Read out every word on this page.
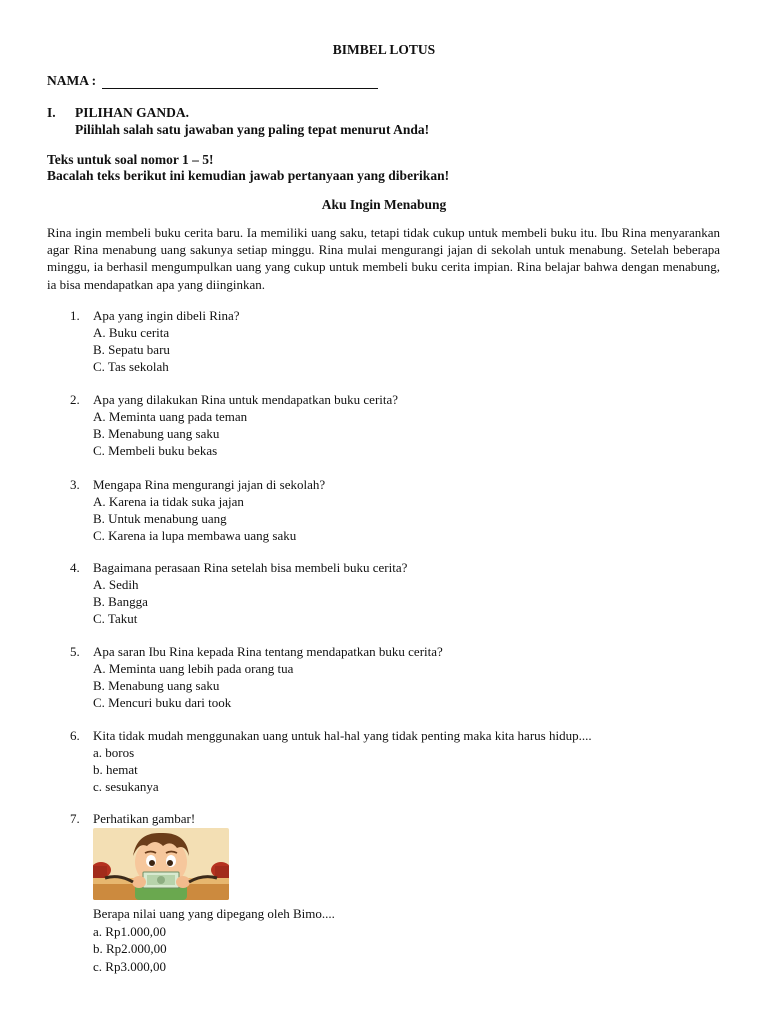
BIMBEL LOTUS
NAMA :
I. PILIHAN GANDA.
Pilihlah salah satu jawaban yang paling tepat menurut Anda!
Teks untuk soal nomor 1 – 5!
Bacalah teks berikut ini kemudian jawab pertanyaan yang diberikan!
Aku Ingin Menabung
Rina ingin membeli buku cerita baru. Ia memiliki uang saku, tetapi tidak cukup untuk membeli buku itu. Ibu Rina menyarankan agar Rina menabung uang sakunya setiap minggu. Rina mulai mengurangi jajan di sekolah untuk menabung. Setelah beberapa minggu, ia berhasil mengumpulkan uang yang cukup untuk membeli buku cerita impian. Rina belajar bahwa dengan menabung, ia bisa mendapatkan apa yang diinginkan.
1.	Apa yang ingin dibeli Rina?
A. Buku cerita
B. Sepatu baru
C. Tas sekolah
2.	Apa yang dilakukan Rina untuk mendapatkan buku cerita?
A. Meminta uang pada teman
B. Menabung uang saku
C. Membeli buku bekas
3.	Mengapa Rina mengurangi jajan di sekolah?
A. Karena ia tidak suka jajan
B. Untuk menabung uang
C. Karena ia lupa membawa uang saku
4.	Bagaimana perasaan Rina setelah bisa membeli buku cerita?
A. Sedih
B. Bangga
C. Takut
5.	Apa saran Ibu Rina kepada Rina tentang mendapatkan buku cerita?
A. Meminta uang lebih pada orang tua
B. Menabung uang saku
C. Mencuri buku dari took
6.	Kita tidak mudah menggunakan uang untuk hal-hal yang tidak penting maka kita harus hidup....
a. boros
b. hemat
c. sesukanya
7.	Perhatikan gambar!
Berapa nilai uang yang dipegang oleh Bimo....
a. Rp1.000,00
b. Rp2.000,00
c. Rp3.000,00
